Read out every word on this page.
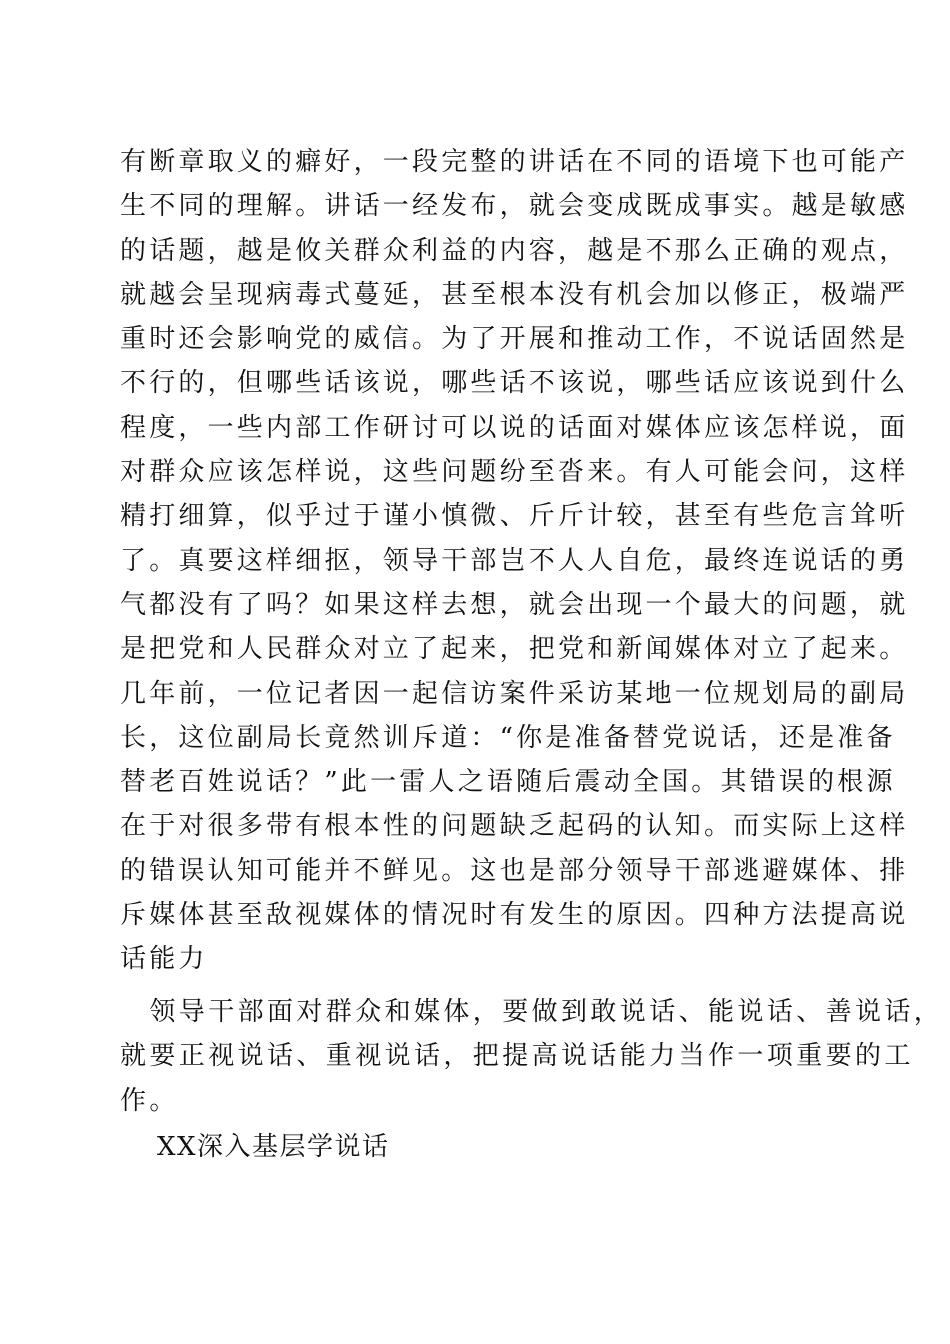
有断章取义的癖好，一段完整的讲话在不同的语境下也可能产
生不同的理解。讲话一经发布，就会变成既成事实。越是敏感
的话题，越是攸关群众利益的内容，越是不那么正确的观点，
就越会呈现病毒式蔓延，甚至根本没有机会加以修正，极端严
重时还会影响党的威信。为了开展和推动工作，不说话固然是
不行的，但哪些话该说，哪些话不该说，哪些话应该说到什么
程度，一些内部工作研讨可以说的话面对媒体应该怎样说，面
对群众应该怎样说，这些问题纷至沓来。有人可能会问，这样
精打细算，似乎过于谨小慎微、斤斤计较，甚至有些危言耸听
了。真要这样细抠，领导干部岂不人人自危，最终连说话的勇
气都没有了吗？如果这样去想，就会出现一个最大的问题，就
是把党和人民群众对立了起来，把党和新闻媒体对立了起来。
几年前，一位记者因一起信访案件采访某地一位规划局的副局
长，这位副局长竟然训斥道：“你是准备替党说话，还是准备
替老百姓说话？”此一雷人之语随后震动全国。其错误的根源
在于对很多带有根本性的问题缺乏起码的认知。而实际上这样
的错误认知可能并不鲜见。这也是部分领导干部逃避媒体、排
斥媒体甚至敌视媒体的情况时有发生的原因。四种方法提高说
话能力
　领导干部面对群众和媒体，要做到敢说话、能说话、善说话，
就要正视说话、重视说话，把提高说话能力当作一项重要的工
作。
XX深入基层学说话
